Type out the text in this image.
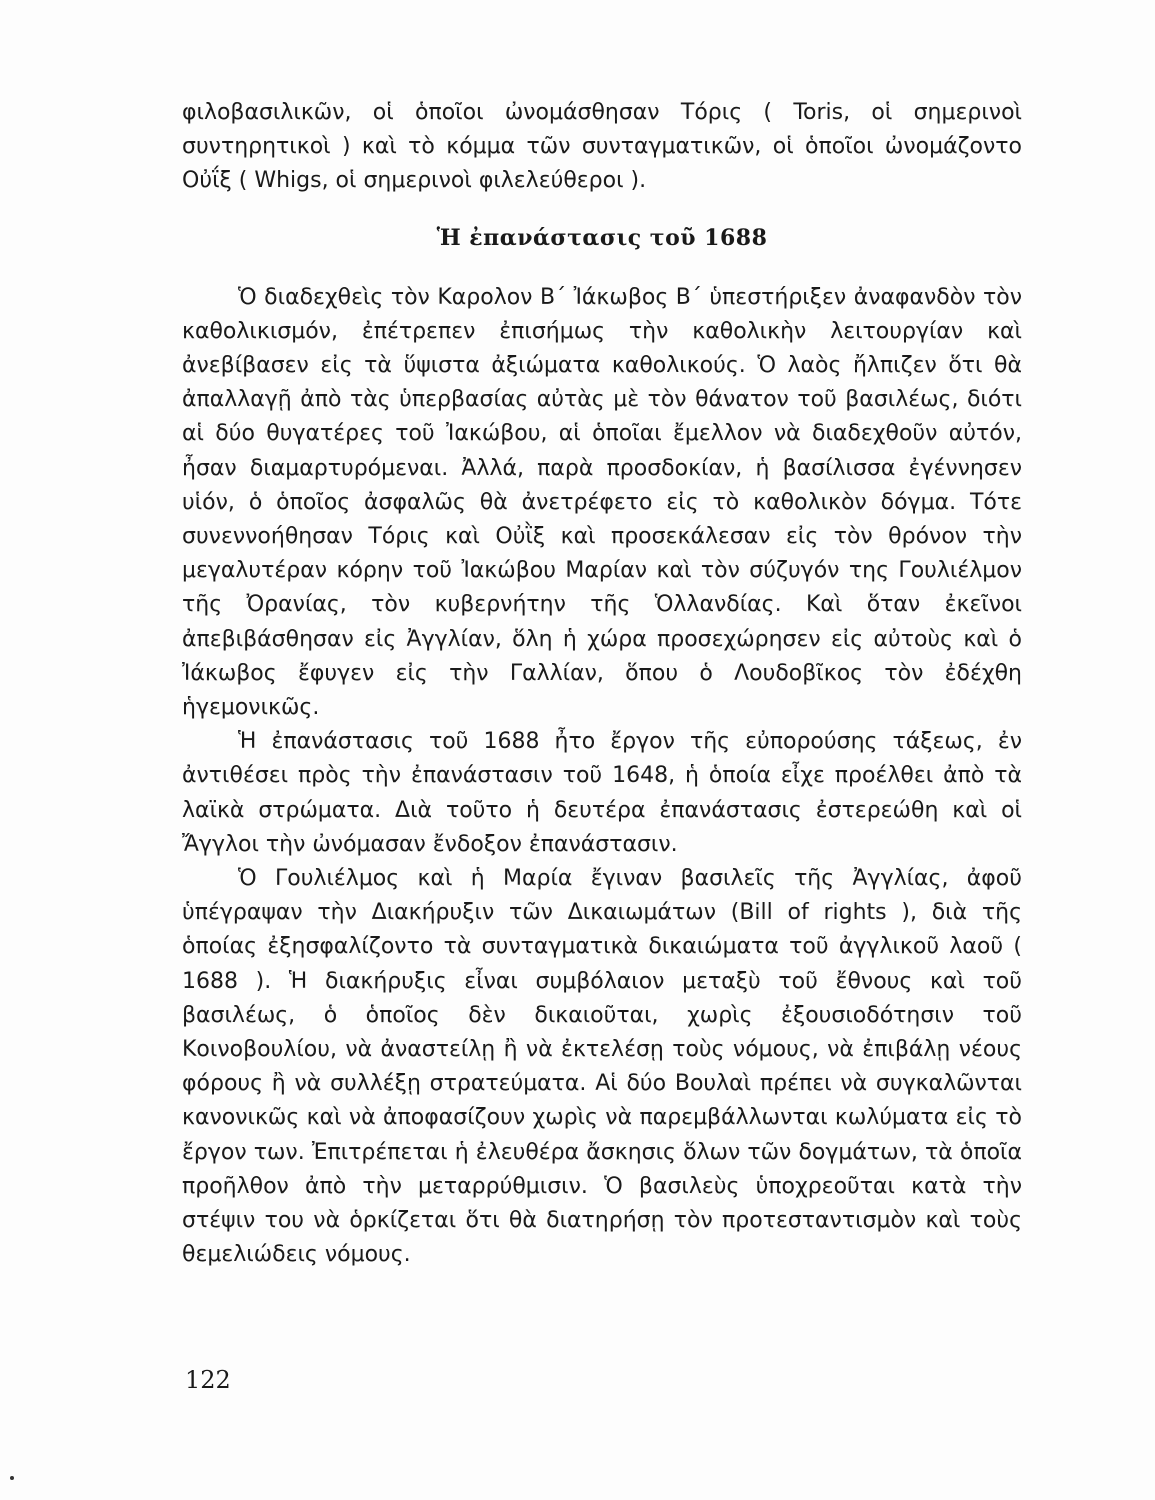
φιλοβασιλικῶν, οἱ ὁποῖοι ὠνομάσθησαν Τόρις ( Toris, οἱ σημερινοὶ συντηρητικοὶ ) καὶ τὸ κόμμα τῶν συνταγματικῶν, οἱ ὁποῖοι ὠνομάζοντο Οὐΐξ ( Whigs, οἱ σημερινοὶ φιλελεύθεροι ).

Ἡ ἐπανάστασις τοῦ 1688

Ὁ διαδεχθεὶς τὸν Καρολον Β΄ Ἰάκωβος Β΄ ὑπεστήριξεν ἀναφανδὸν τὸν καθολικισμόν, ἐπέτρεπεν ἐπισήμως τὴν καθολικὴν λειτουργίαν καὶ ἀνεβίβασεν εἰς τὰ ὕψιστα ἀξιώματα καθολικούς. Ὁ λαὸς ἤλπιζεν ὅτι θὰ ἀπαλλαγῇ ἀπὸ τὰς ὑπερβασίας αὐτὰς μὲ τὸν θάνατον τοῦ βασιλέως, διότι αἱ δύο θυγατέρες τοῦ Ἰακώβου, αἱ ὁποῖαι ἔμελλον νὰ διαδεχθοῦν αὐτόν, ἦσαν διαμαρτυρόμεναι. Ἀλλά, παρὰ προσδοκίαν, ἡ βασίλισσα ἐγέννησεν υἱόν, ὁ ὁποῖος ἀσφαλῶς θὰ ἀνετρέφετο εἰς τὸ καθολικὸν δόγμα. Τότε συνεννοήθησαν Τόρις καὶ Οὐῒξ καὶ προσεκάλεσαν εἰς τὸν θρόνον τὴν μεγαλυτέραν κόρην τοῦ Ἰακώβου Μαρίαν καὶ τὸν σύζυγόν της Γουλιέλμον τῆς Ὀρανίας, τὸν κυβερνήτην τῆς Ὁλλανδίας. Καὶ ὅταν ἐκεῖνοι ἀπεβιβάσθησαν εἰς Ἀγγλίαν, ὅλη ἡ χώρα προσεχώρησεν εἰς αὐτοὺς καὶ ὁ Ἰάκωβος ἔφυγεν εἰς τὴν Γαλλίαν, ὅπου ὁ Λουδοβῖκος τὸν ἐδέχθη ἡγεμονικῶς.

Ἡ ἐπανάστασις τοῦ 1688 ἦτο ἔργον τῆς εὐπορούσης τάξεως, ἐν ἀντιθέσει πρὸς τὴν ἐπανάστασιν τοῦ 1648, ἡ ὁποία εἶχε προέλθει ἀπὸ τὰ λαϊκὰ στρώματα. Διὰ τοῦτο ἡ δευτέρα ἐπανάστασις ἐστερεώθη καὶ οἱ Ἄγγλοι τὴν ὠνόμασαν ἔνδοξον ἐπανάστασιν.

Ὁ Γουλιέλμος καὶ ἡ Μαρία ἔγιναν βασιλεῖς τῆς Ἀγγλίας, ἀφοῦ ὑπέγραψαν τὴν Διακήρυξιν τῶν Δικαιωμάτων (Bill of rights ), διὰ τῆς ὁποίας ἐξησφαλίζοντο τὰ συνταγματικὰ δικαιώματα τοῦ ἀγγλικοῦ λαοῦ ( 1688 ). Ἡ διακήρυξις εἶναι συμβόλαιον μεταξὺ τοῦ ἔθνους καὶ τοῦ βασιλέως, ὁ ὁποῖος δὲν δικαιοῦται, χωρὶς ἐξουσιοδότησιν τοῦ Κοινοβουλίου, νὰ ἀναστείλῃ ἢ νὰ ἐκτελέσῃ τοὺς νόμους, νὰ ἐπιβάλῃ νέους φόρους ἢ νὰ συλλέξῃ στρατεύματα. Αἱ δύο Βουλαὶ πρέπει νὰ συγκαλῶνται κανονικῶς καὶ νὰ ἀποφασίζουν χωρὶς νὰ παρεμβάλλωνται κωλύματα εἰς τὸ ἔργον των. Ἐπιτρέπεται ἡ ἐλευθέρα ἄσκησις ὅλων τῶν δογμάτων, τὰ ὁποῖα προῆλθον ἀπὸ τὴν μεταρρύθμισιν. Ὁ βασιλεὺς ὑποχρεοῦται κατὰ τὴν στέψιν του νὰ ὁρκίζεται ὅτι θὰ διατηρήσῃ τὸν προτεσταντισμὸν καὶ τοὺς θεμελιώδεις νόμους.

122
